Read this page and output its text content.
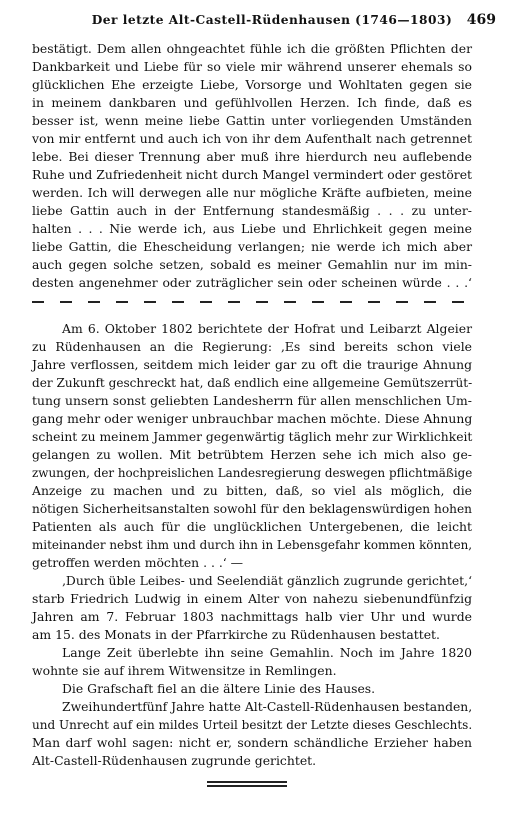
Der letzte Alt-Castell-Rüdenhausen (1746—1803)	469
bestätigt. Dem allen ohngeachtet fühle ich die größten Pflichten der
Dankbarkeit und Liebe für so viele mir während unserer ehemals so
glücklichen Ehe erzeigte Liebe, Vorsorge und Wohltaten gegen sie
in meinem dankbaren und gefühlvollen Herzen. Ich finde, daß es
besser ist, wenn meine liebe Gattin unter vorliegenden Umständen
von mir entfernt und auch ich von ihr dem Aufenthalt nach getrennet
lebe. Bei dieser Trennung aber muß ihre hierdurch neu auflebende
Ruhe und Zufriedenheit nicht durch Mangel vermindert oder gestöret
werden. Ich will derwegen alle nur mögliche Kräfte aufbieten, meine
liebe Gattin auch in der Entfernung standesmäßig . . . zu unter-
halten . . . Nie werde ich, aus Liebe und Ehrlichkeit gegen meine
liebe Gattin, die Ehescheidung verlangen; nie werde ich mich aber
auch gegen solche setzen, sobald es meiner Gemahlin nur im min-
desten angenehmer oder zuträglicher sein oder scheinen würde . . .‘
Am 6. Oktober 1802 berichtete der Hofrat und Leibarzt Algeier
zu Rüdenhausen an die Regierung: ‚Es sind bereits schon viele
Jahre verflossen, seitdem mich leider gar zu oft die traurige Ahnung
der Zukunft geschreckt hat, daß endlich eine allgemeine Gemütszerrüt-
tung unsern sonst geliebten Landesherrn für allen menschlichen Um-
gang mehr oder weniger unbrauchbar machen möchte. Diese Ahnung
scheint zu meinem Jammer gegenwärtig täglich mehr zur Wirklichkeit
gelangen zu wollen. Mit betrübtem Herzen sehe ich mich also ge-
zwungen, der hochpreislichen Landesregierung deswegen pflichtmäßige
Anzeige zu machen und zu bitten, daß, so viel als möglich, die
nötigen Sicherheitsanstalten sowohl für den beklagenswürdigen hohen
Patienten als auch für die unglücklichen Untergebenen, die leicht
miteinander nebst ihm und durch ihn in Lebensgefahr kommen könnten,
getroffen werden möchten . . .‘ —
‚Durch üble Leibes- und Seelendiät gänzlich zugrunde gerichtet,‘
starb Friedrich Ludwig in einem Alter von nahezu siebenundfünfzig
Jahren am 7. Februar 1803 nachmittags halb vier Uhr und wurde
am 15. des Monats in der Pfarrkirche zu Rüdenhausen bestattet.
Lange Zeit überlebte ihn seine Gemahlin. Noch im Jahre 1820
wohnte sie auf ihrem Witwensitze in Remlingen.
Die Grafschaft fiel an die ältere Linie des Hauses.
Zweihundertfünf Jahre hatte Alt-Castell-Rüdenhausen bestanden,
und Unrecht auf ein mildes Urteil besitzt der Letzte dieses Geschlechts.
Man darf wohl sagen: nicht er, sondern schändliche Erzieher haben
Alt-Castell-Rüdenhausen zugrunde gerichtet.
